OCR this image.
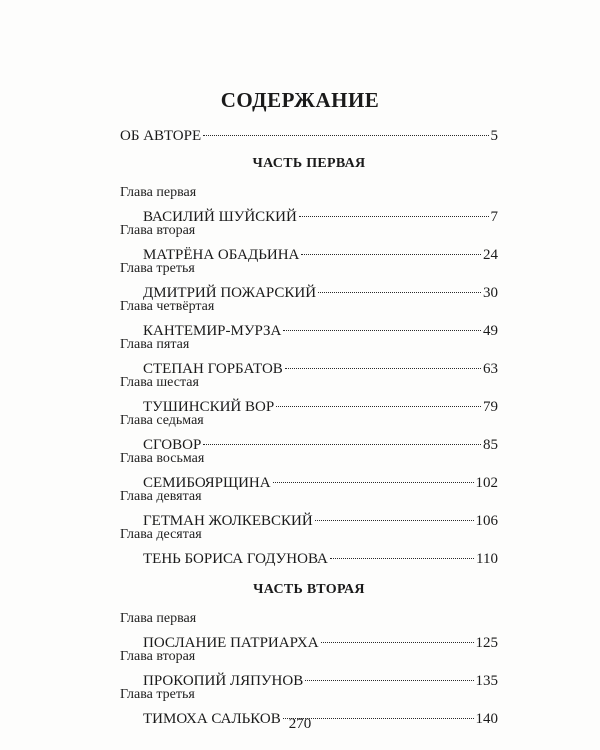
СОДЕРЖАНИЕ
ОБ АВТОРЕ	5
ЧАСТЬ ПЕРВАЯ
Глава первая
ВАСИЛИЙ ШУЙСКИЙ	7
Глава вторая
МАТРЁНА ОБАДЬИНА	24
Глава третья
ДМИТРИЙ ПОЖАРСКИЙ	30
Глава четвёртая
КАНТЕМИР-МУРЗА	49
Глава пятая
СТЕПАН ГОРБАТОВ	63
Глава шестая
ТУШИНСКИЙ ВОР	79
Глава седьмая
СГОВОР	85
Глава восьмая
СЕМИБОЯРЩИНА	102
Глава девятая
ГЕТМАН ЖОЛКЕВСКИЙ	106
Глава десятая
ТЕНЬ БОРИСА ГОДУНОВА	110
ЧАСТЬ ВТОРАЯ
Глава первая
ПОСЛАНИЕ ПАТРИАРХА	125
Глава вторая
ПРОКОПИЙ ЛЯПУНОВ	135
Глава третья
ТИМОХА САЛЬКОВ	140
270
